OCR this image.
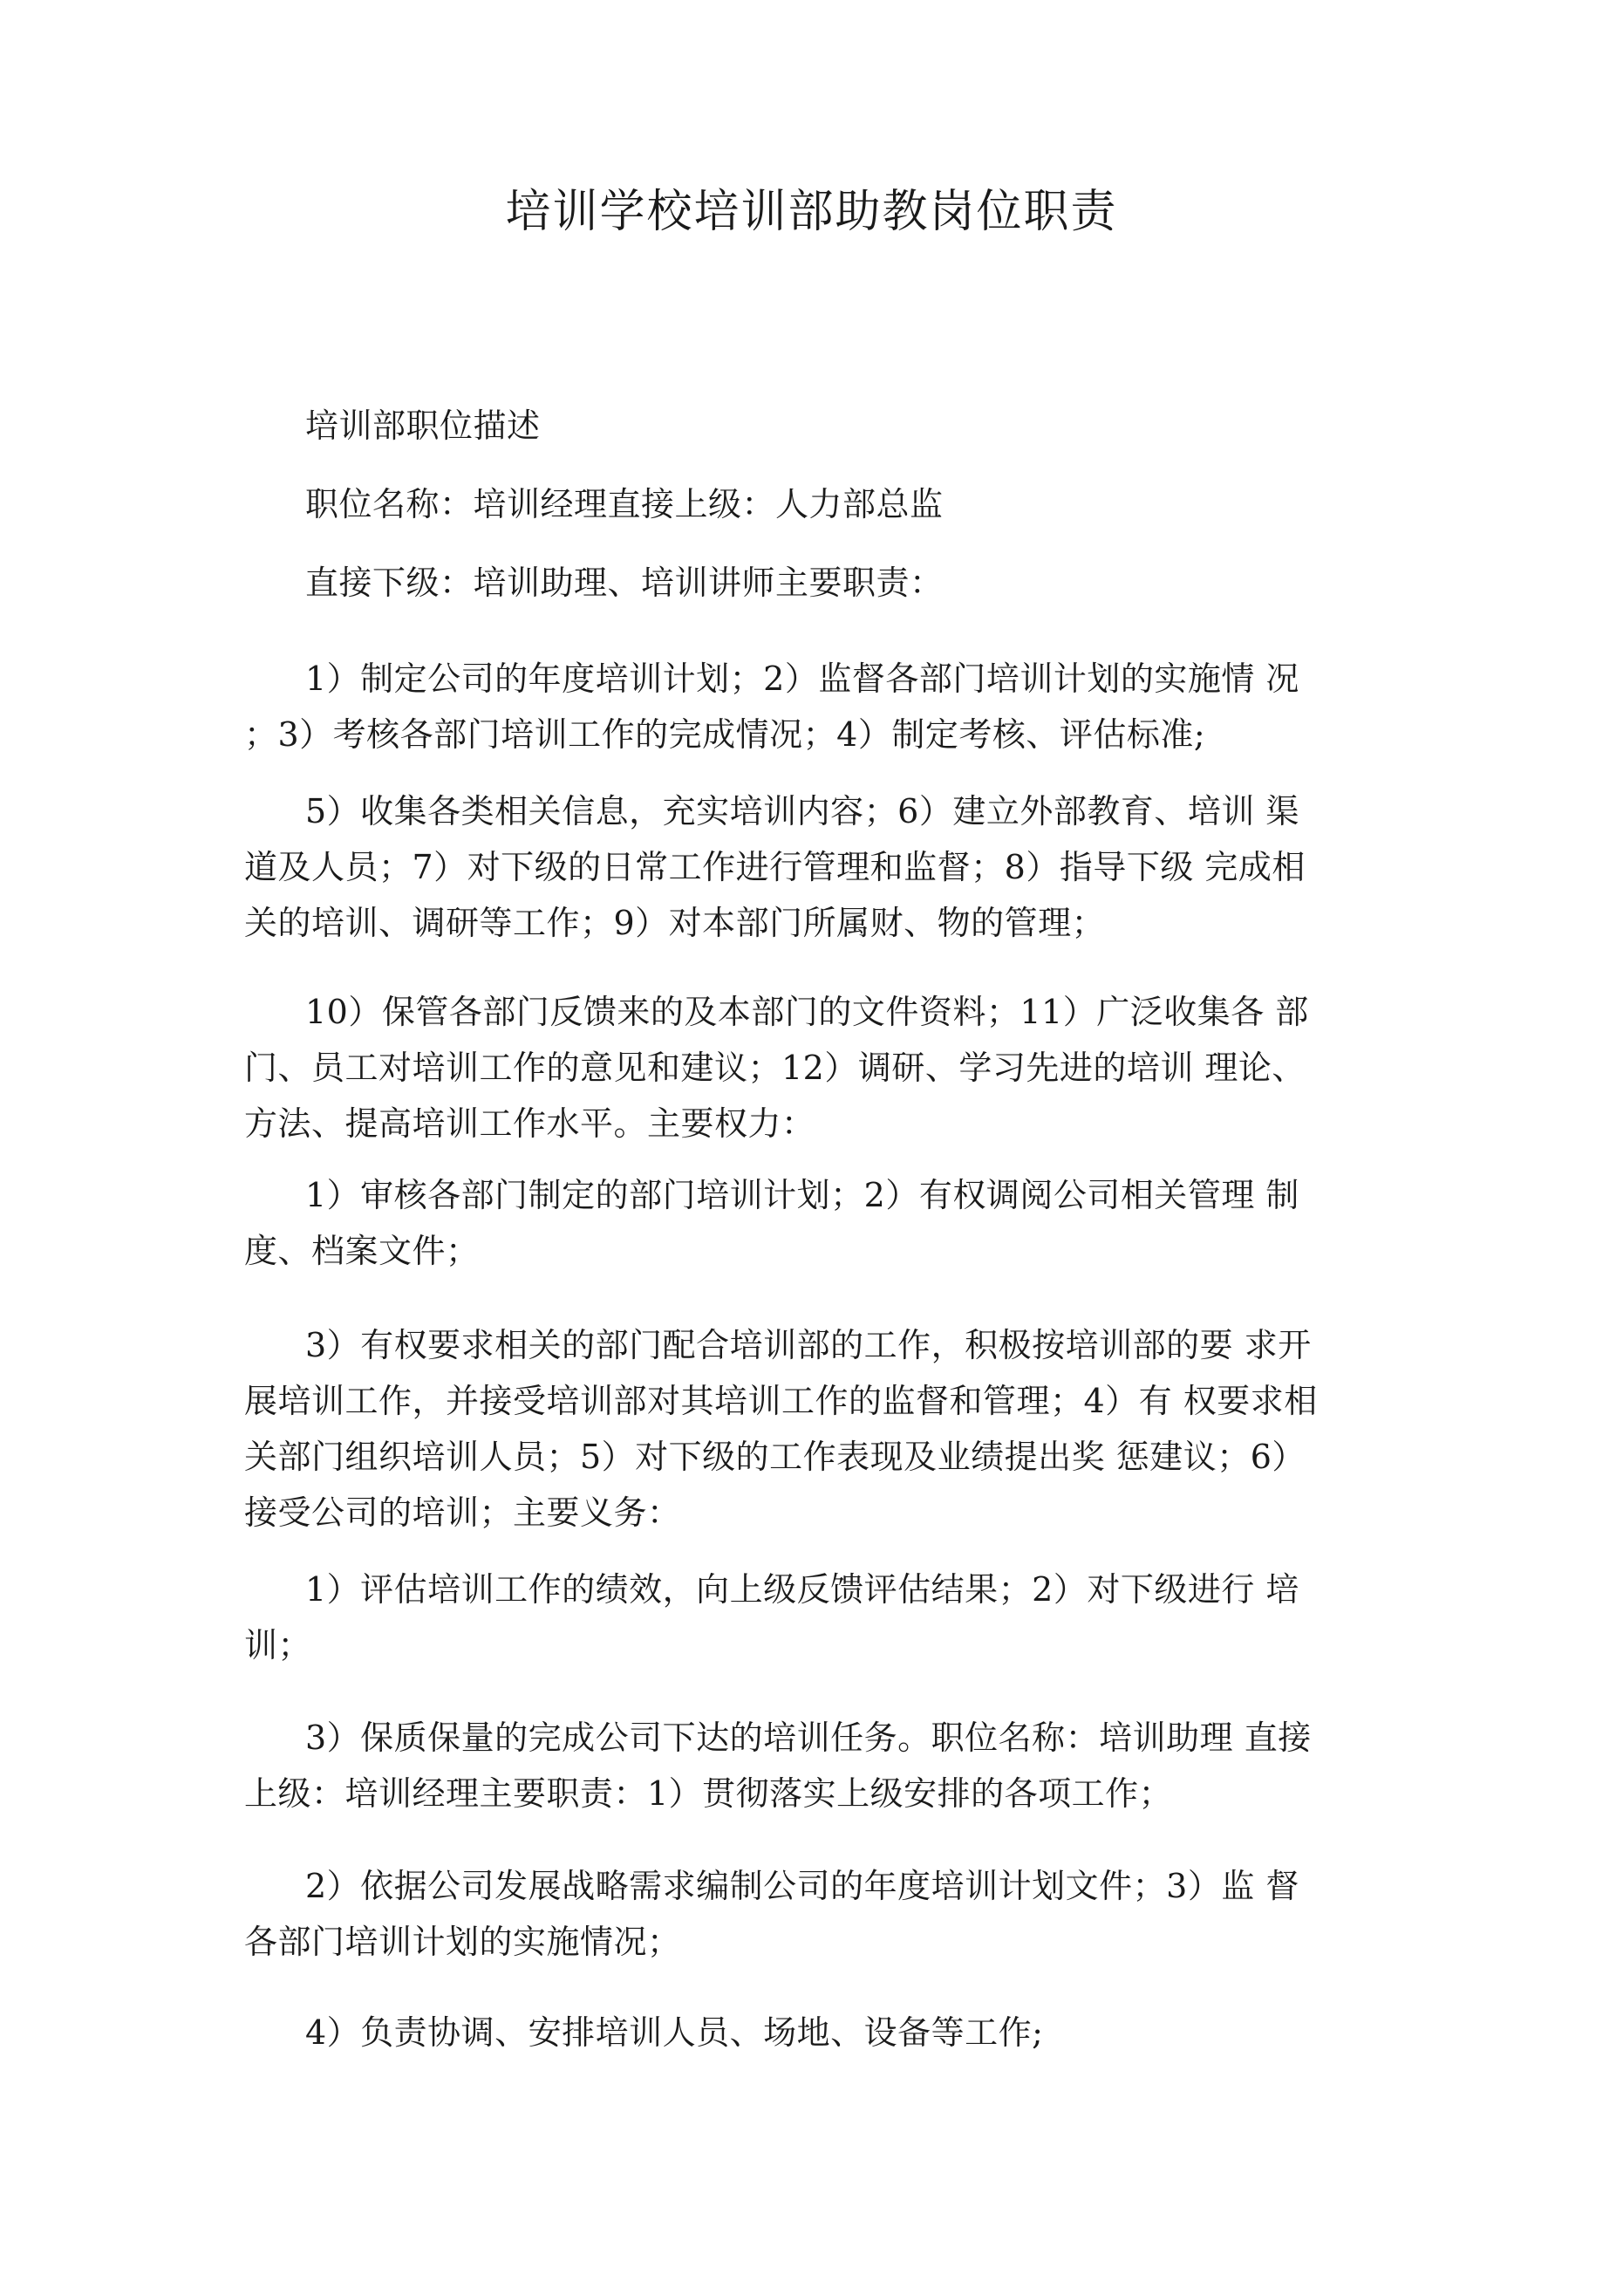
培训学校培训部助教岗位职责
培训部职位描述
职位名称：培训经理直接上级：人力部总监
直接下级：培训助理、培训讲师主要职责：
1）制定公司的年度培训计划；2）监督各部门培训计划的实施情 况
；3）考核各部门培训工作的完成情况；4）制定考核、评估标准;
5）收集各类相关信息，充实培训内容；6）建立外部教育、培训 渠
道及人员；7）对下级的日常工作进行管理和监督；8）指导下级 完成相
关的培训、调研等工作；9）对本部门所属财、物的管理；
10）保管各部门反馈来的及本部门的文件资料；11）广泛收集各 部
门、员工对培训工作的意见和建议；12）调研、学习先进的培训 理论、
方法、提高培训工作水平。主要权力：
1）审核各部门制定的部门培训计划；2）有权调阅公司相关管理 制
度、档案文件；
3）有权要求相关的部门配合培训部的工作，积极按培训部的要 求开
展培训工作，并接受培训部对其培训工作的监督和管理；4）有 权要求相
关部门组织培训人员；5）对下级的工作表现及业绩提出奖 惩建议；6）
接受公司的培训；主要义务：
1）评估培训工作的绩效，向上级反馈评估结果；2）对下级进行 培
训；
3）保质保量的完成公司下达的培训任务。职位名称：培训助理 直接
上级：培训经理主要职责：1）贯彻落实上级安排的各项工作；
2）依据公司发展战略需求编制公司的年度培训计划文件；3）监 督
各部门培训计划的实施情况；
4）负责协调、安排培训人员、场地、设备等工作;
